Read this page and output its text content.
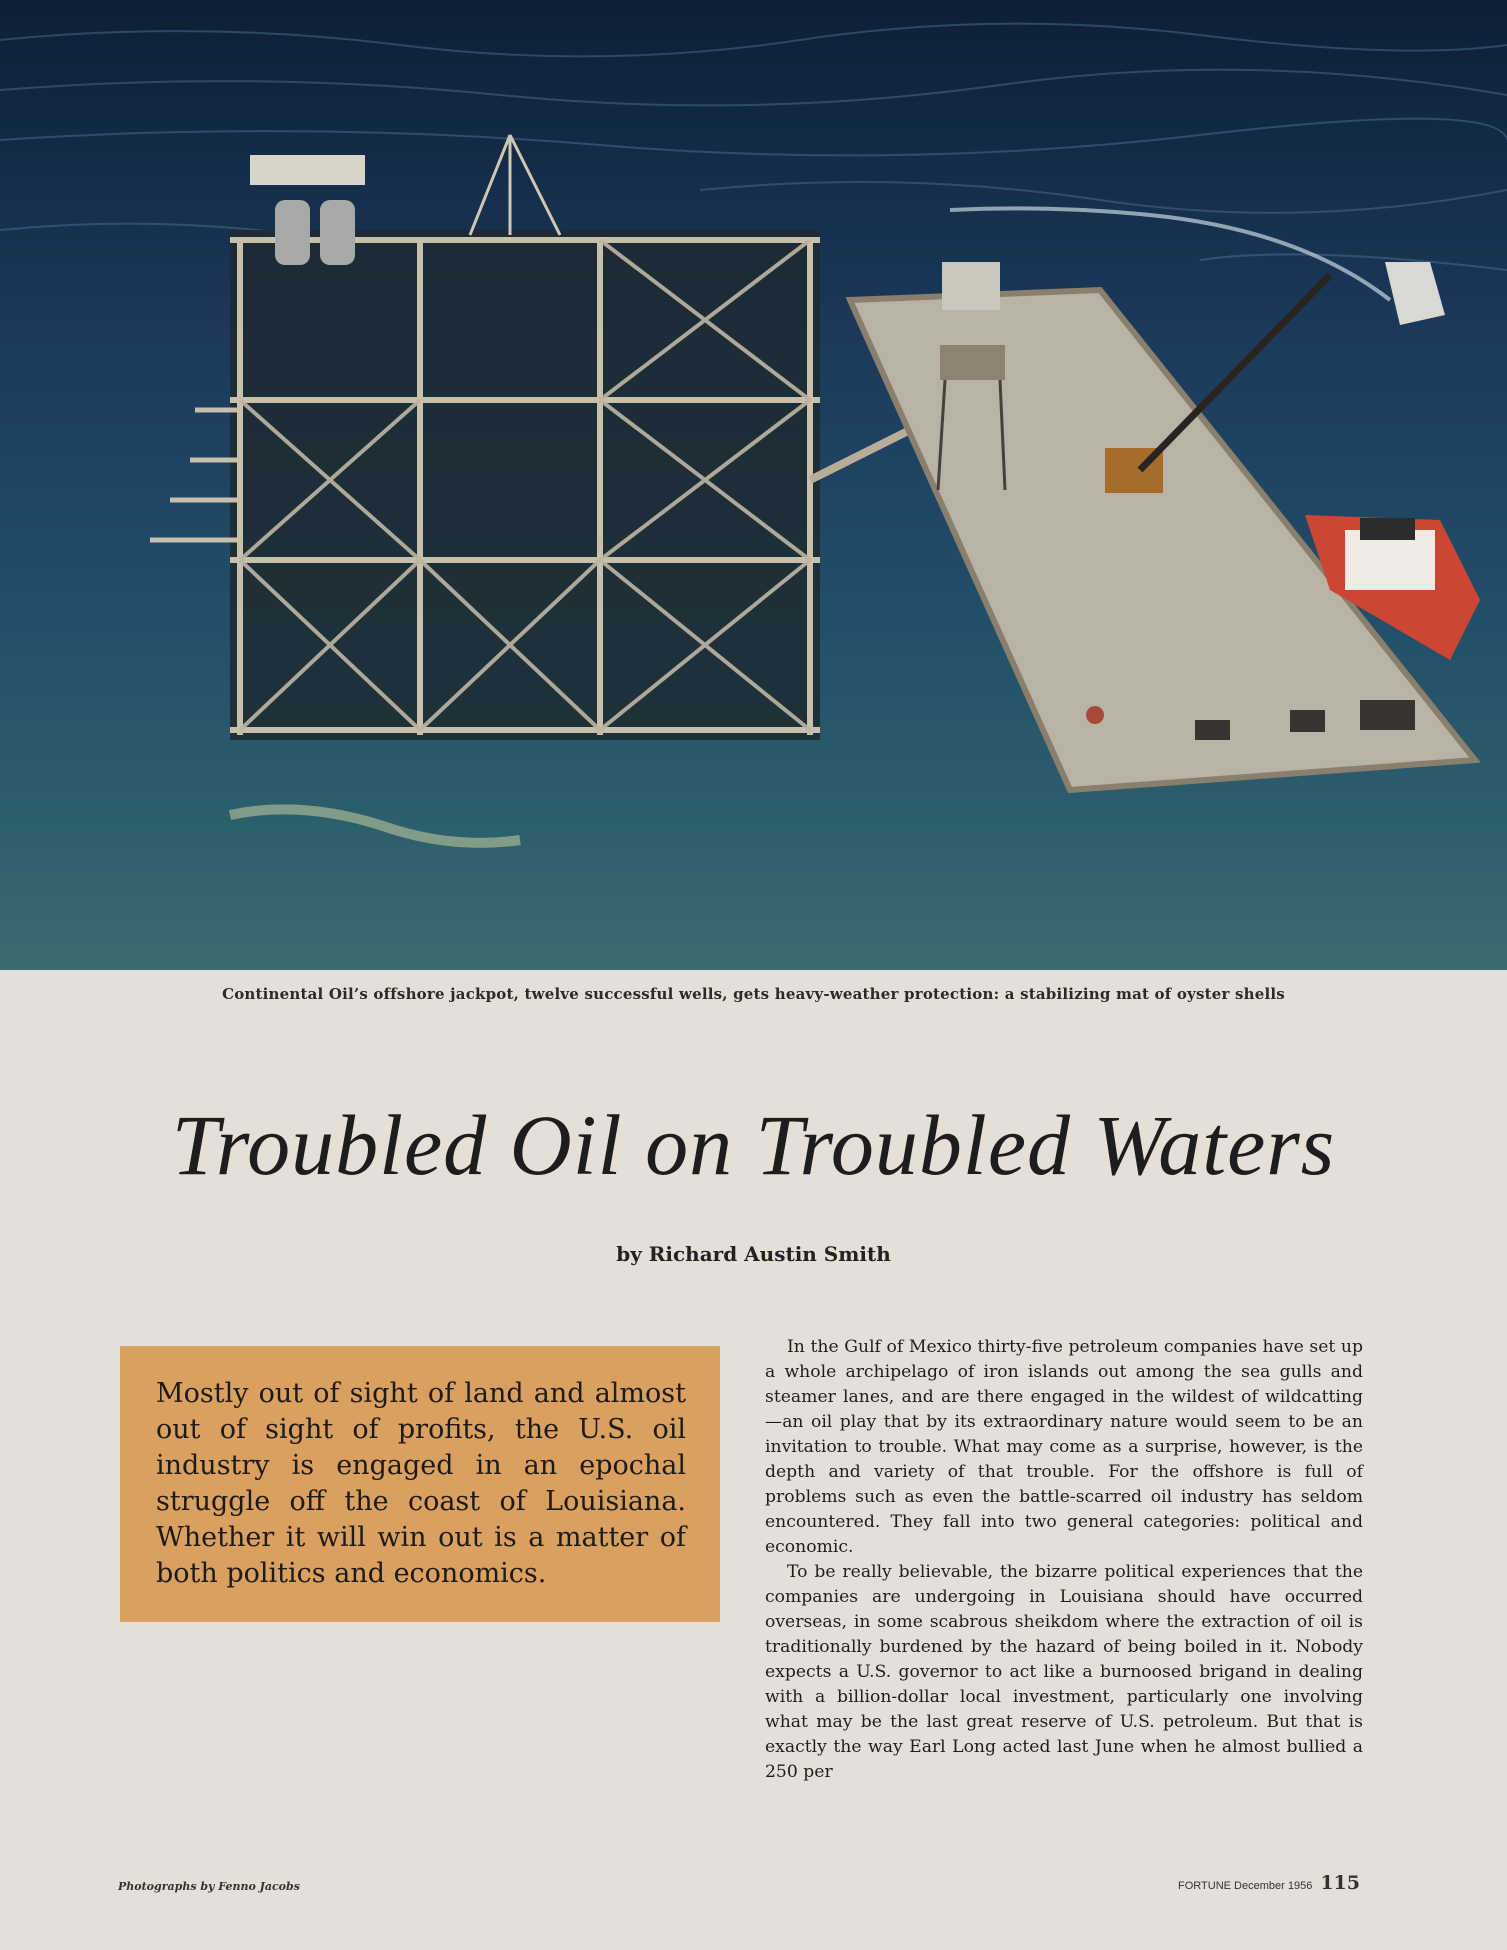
Continental Oil’s offshore jackpot, twelve successful wells, gets heavy-weather protection: a stabilizing mat of oyster shells
Troubled Oil on Troubled Waters
by Richard Austin Smith
Mostly out of sight of land and almost out of sight of profits, the U.S. oil industry is engaged in an epochal struggle off the coast of Louisiana. Whether it will win out is a matter of both politics and economics.

In the Gulf of Mexico thirty-five petroleum companies have set up a whole archipelago of iron islands out among the sea gulls and steamer lanes, and are there engaged in the wildest of wildcatting—an oil play that by its extraordinary nature would seem to be an invitation to trouble. What may come as a surprise, however, is the depth and variety of that trouble. For the offshore is full of problems such as even the battle-scarred oil industry has seldom encountered. They fall into two general categories: political and economic.

To be really believable, the bizarre political experiences that the companies are undergoing in Louisiana should have occurred overseas, in some scabrous sheikdom where the extraction of oil is traditionally burdened by the hazard of being boiled in it. Nobody expects a U.S. governor to act like a burnoosed brigand in dealing with a billion-dollar local investment, particularly one involving what may be the last great reserve of U.S. petroleum. But that is exactly the way Earl Long acted last June when he almost bullied a 250 per

Photographs by Fenno Jacobs	FORTUNE December 1956 115
